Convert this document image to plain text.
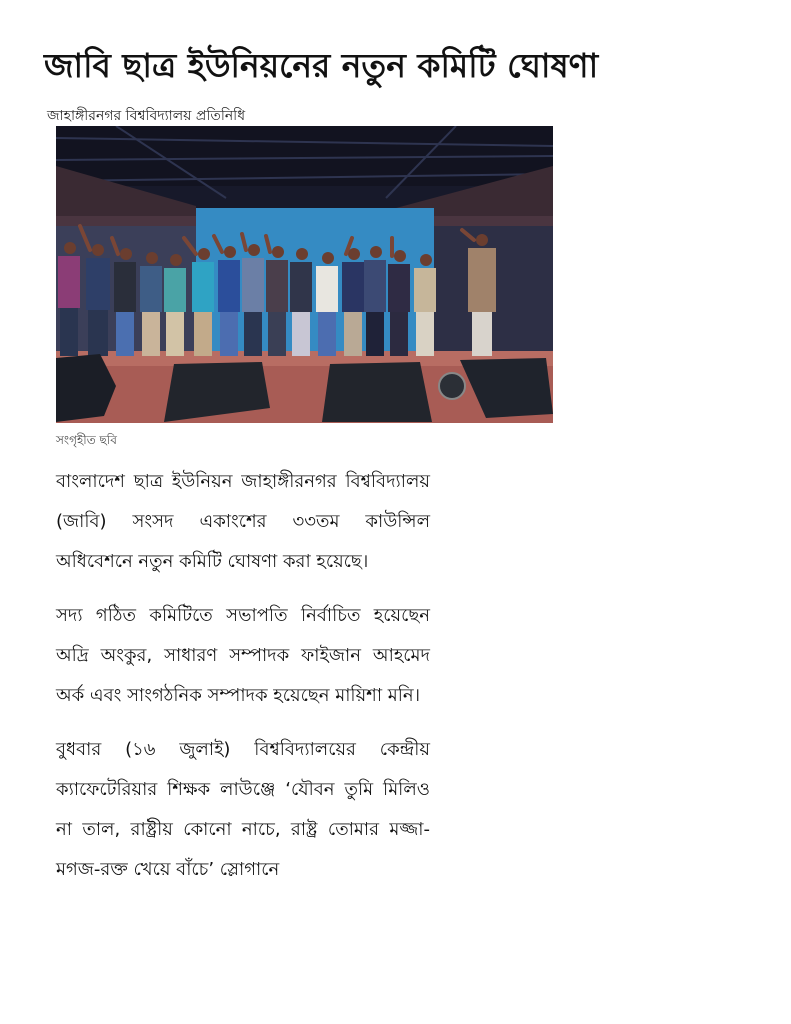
জাবি ছাত্র ইউনিয়নের নতুন কমিটি ঘোষণা
জাহাঙ্গীরনগর বিশ্ববিদ্যালয় প্রতিনিধি
সংগৃহীত ছবি

বাংলাদেশ ছাত্র ইউনিয়ন জাহাঙ্গীরনগর বিশ্ববিদ্যালয় (জাবি) সংসদ একাংশের ৩৩তম কাউন্সিল অধিবেশনে নতুন কমিটি ঘোষণা করা হয়েছে।

সদ্য গঠিত কমিটিতে সভাপতি নির্বাচিত হয়েছেন অদ্রি অংকুর, সাধারণ সম্পাদক ফাইজান আহমেদ অর্ক এবং সাংগঠনিক সম্পাদক হয়েছেন মায়িশা মনি।

বুধবার (১৬ জুলাই) বিশ্ববিদ্যালয়ের কেন্দ্রীয় ক্যাফেটেরিয়ার শিক্ষক লাউঞ্জে ‘যৌবন তুমি মিলিও না তাল, রাষ্ট্রীয় কোনো নাচে, রাষ্ট্র তোমার মজ্জা-মগজ-রক্ত খেয়ে বাঁচে’ স্লোগানে
